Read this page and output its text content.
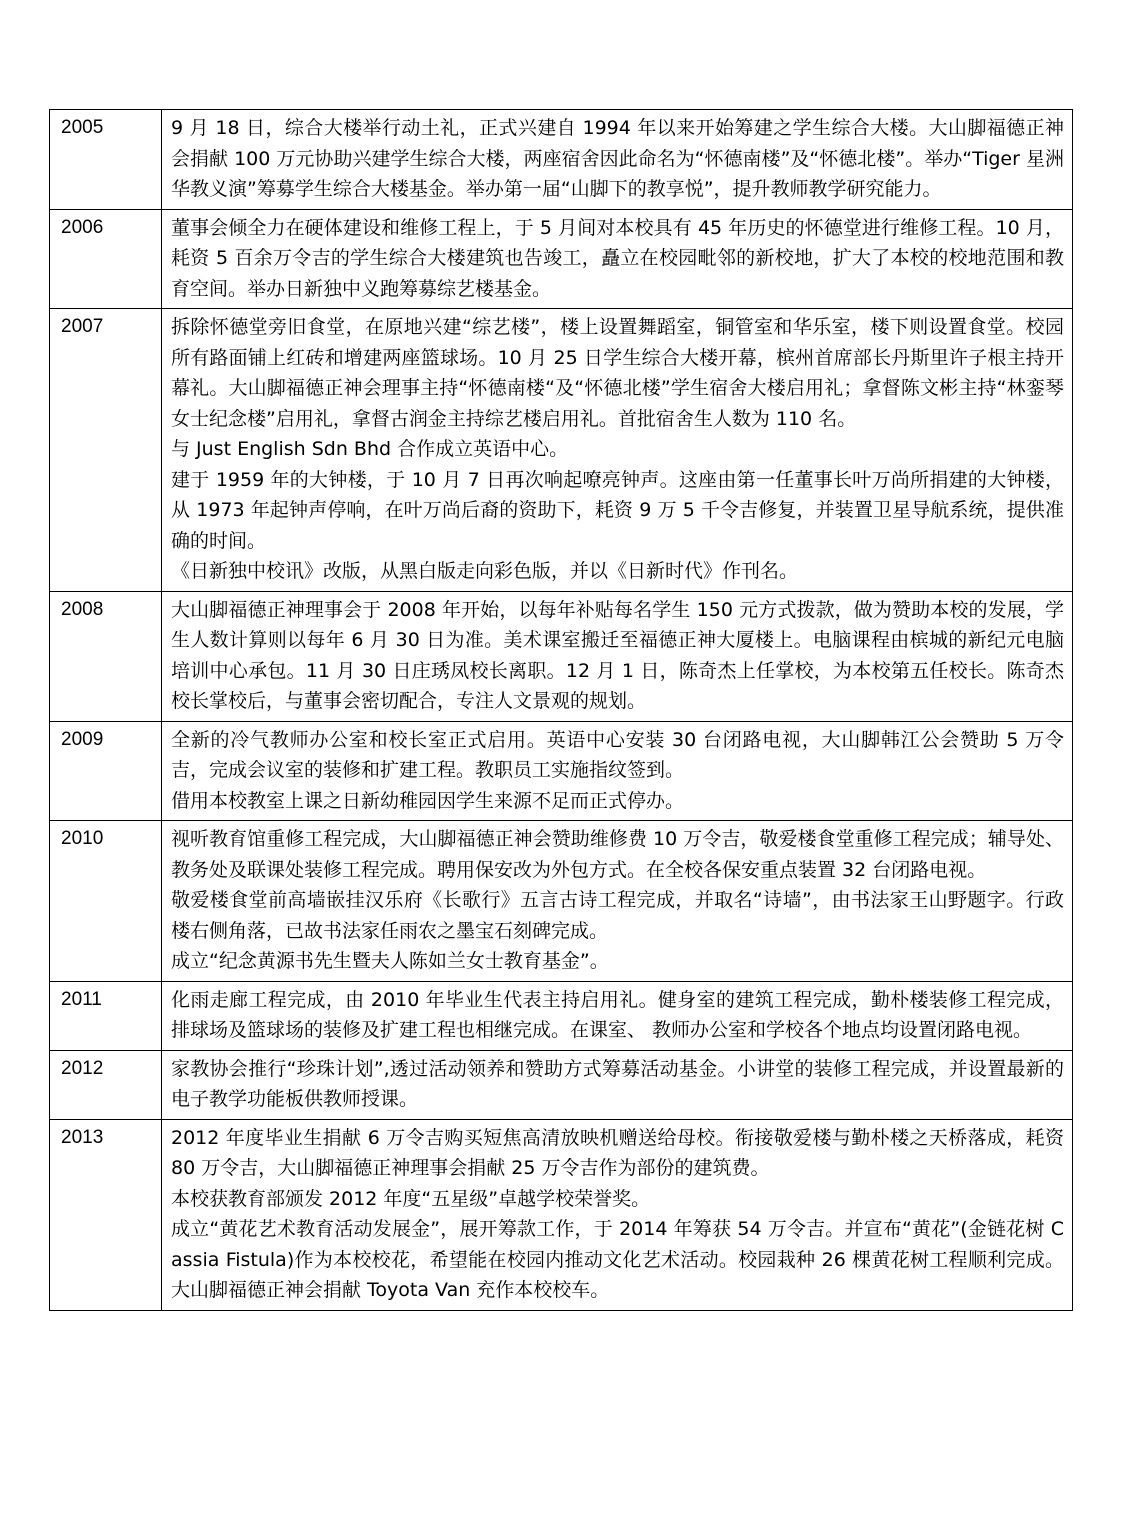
2005	9 月 18 日，综合大楼举行动土礼，正式兴建自 1994 年以来开始筹建之学生综合大楼。大山脚福德正神会捐献 100 万元协助兴建学生综合大楼，两座宿舍因此命名为“怀德南楼”及“怀德北楼”。举办“Tiger 星洲华教义演”筹募学生综合大楼基金。举办第一届“山脚下的教享悦”，提升教师教学研究能力。

2006	董事会倾全力在硬体建设和维修工程上，于 5 月间对本校具有 45 年历史的怀德堂进行维修工程。10 月，耗资 5 百余万令吉的学生综合大楼建筑也告竣工，矗立在校园毗邻的新校地，扩大了本校的校地范围和教育空间。举办日新独中义跑筹募综艺楼基金。

2007	拆除怀德堂旁旧食堂，在原地兴建“综艺楼”，楼上设置舞蹈室，铜管室和华乐室，楼下则设置食堂。校园所有路面铺上红砖和增建两座篮球场。10 月 25 日学生综合大楼开幕，槟州首席部长丹斯里许子根主持开幕礼。大山脚福德正神会理事主持“怀德南楼“及“怀德北楼”学生宿舍大楼启用礼；拿督陈文彬主持“林銮琴女士纪念楼”启用礼，拿督古润金主持综艺楼启用礼。首批宿舍生人数为 110 名。
与 Just English Sdn Bhd 合作成立英语中心。
建于 1959 年的大钟楼，于 10 月 7 日再次响起嘹亮钟声。这座由第一任董事长叶万尚所捐建的大钟楼，从 1973 年起钟声停响，在叶万尚后裔的资助下，耗资 9 万 5 千令吉修复，并装置卫星导航系统，提供准确的时间。
《日新独中校讯》改版，从黑白版走向彩色版，并以《日新时代》作刊名。

2008	大山脚福德正神理事会于 2008 年开始，以每年补贴每名学生 150 元方式拨款，做为赞助本校的发展，学生人数计算则以每年 6 月 30 日为准。美术课室搬迁至福德正神大厦楼上。电脑课程由槟城的新纪元电脑培训中心承包。11 月 30 日庄琇凤校长离职。12 月 1 日，陈奇杰上任掌校，为本校第五任校长。陈奇杰校长掌校后，与董事会密切配合，专注人文景观的规划。

2009	全新的冷气教师办公室和校长室正式启用。英语中心安装 30 台闭路电视，大山脚韩江公会赞助 5 万令吉，完成会议室的装修和扩建工程。教职员工实施指纹签到。
借用本校教室上课之日新幼稚园因学生来源不足而正式停办。

2010	视听教育馆重修工程完成，大山脚福德正神会赞助维修费 10 万令吉，敬爱楼食堂重修工程完成；辅导处、教务处及联课处装修工程完成。聘用保安改为外包方式。在全校各保安重点装置 32 台闭路电视。
敬爱楼食堂前高墙嵌挂汉乐府《长歌行》五言古诗工程完成，并取名“诗墙”，由书法家王山野题字。行政楼右侧角落，已故书法家任雨农之墨宝石刻碑完成。
成立“纪念黄源书先生暨夫人陈如兰女士教育基金”。

2011	化雨走廊工程完成，由 2010 年毕业生代表主持启用礼。健身室的建筑工程完成，勤朴楼装修工程完成，排球场及篮球场的装修及扩建工程也相继完成。在课室、 教师办公室和学校各个地点均设置闭路电视。

2012	家教协会推行“珍珠计划”,透过活动领养和赞助方式筹募活动基金。小讲堂的装修工程完成，并设置最新的电子教学功能板供教师授课。

2013	2012 年度毕业生捐献 6 万令吉购买短焦高清放映机赠送给母校。衔接敬爱楼与勤朴楼之天桥落成，耗资 80 万令吉，大山脚福德正神理事会捐献 25 万令吉作为部份的建筑费。
本校获教育部颁发 2012 年度“五星级”卓越学校荣誉奖。
成立“黄花艺术教育活动发展金”，展开筹款工作，于 2014 年筹获 54 万令吉。并宣布“黄花”(金链花树 Cassia Fistula)作为本校校花，希望能在校园内推动文化艺术活动。校园栽种 26 棵黄花树工程顺利完成。大山脚福德正神会捐献 Toyota Van 充作本校校车。
